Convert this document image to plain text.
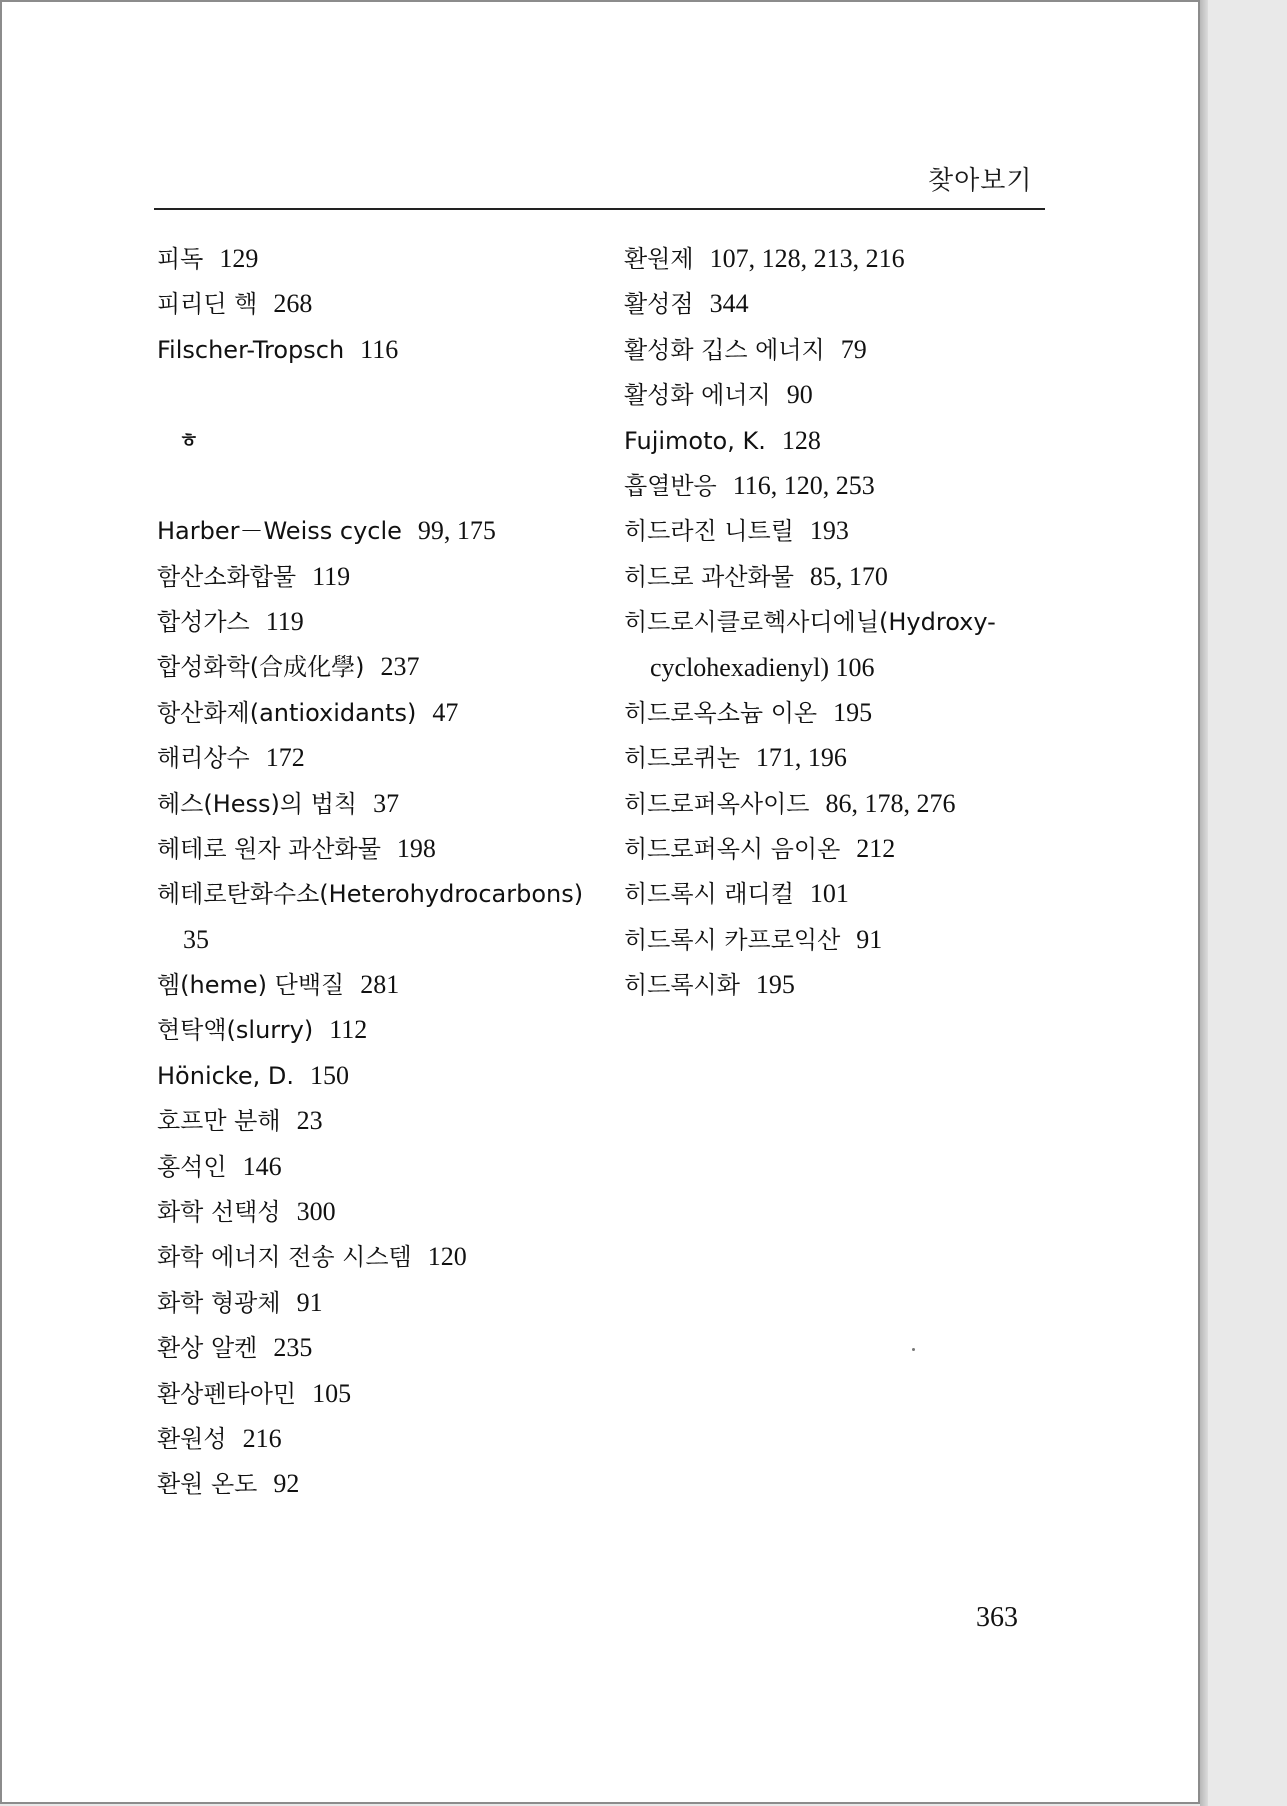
찾아보기
피독 129
피리딘 핵 268
Filscher-Tropsch 116
ㅎ
Harber－Weiss cycle 99, 175
함산소화합물 119
합성가스 119
합성화학(合成化學) 237
항산화제(antioxidants) 47
해리상수 172
헤스(Hess)의 법칙 37
헤테로 원자 과산화물 198
헤테로탄화수소(Heterohydrocarbons)
35
헴(heme) 단백질 281
현탁액(slurry) 112
Hönicke, D. 150
호프만 분해 23
홍석인 146
화학 선택성 300
화학 에너지 전송 시스템 120
화학 형광체 91
환상 알켄 235
환상펜타아민 105
환원성 216
환원 온도 92
환원제 107, 128, 213, 216
활성점 344
활성화 깁스 에너지 79
활성화 에너지 90
Fujimoto, K. 128
흡열반응 116, 120, 253
히드라진 니트릴 193
히드로 과산화물 85, 170
히드로시클로헥사디에닐(Hydroxy-
cyclohexadienyl) 106
히드로옥소늄 이온 195
히드로퀴논 171, 196
히드로퍼옥사이드 86, 178, 276
히드로퍼옥시 음이온 212
히드록시 래디컬 101
히드록시 카프로익산 91
히드록시화 195
363
